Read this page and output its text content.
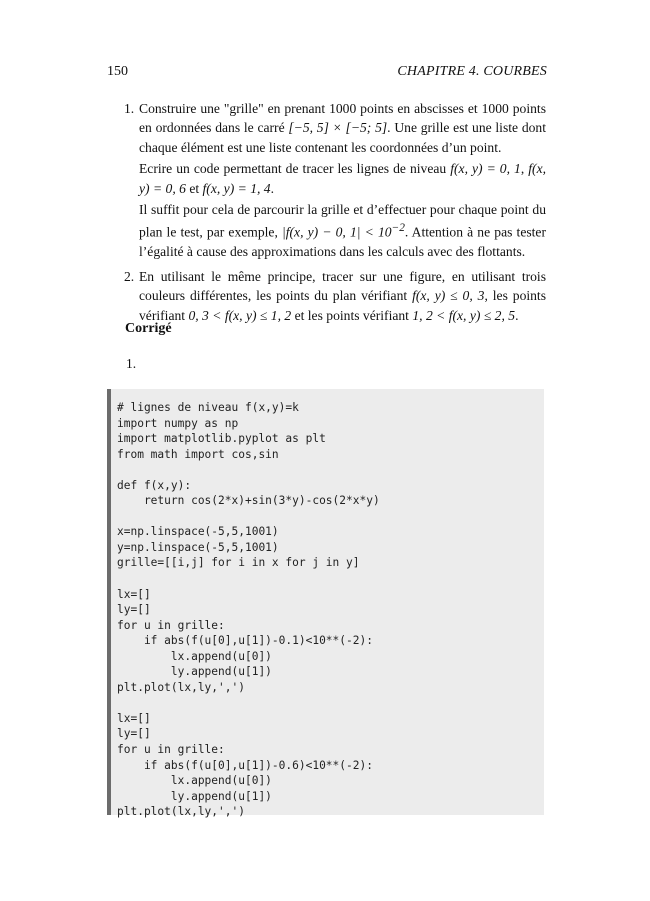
150	CHAPITRE 4. COURBES
1. Construire une "grille" en prenant 1000 points en abscisses et 1000 points en ordonnées dans le carré [−5, 5] × [−5; 5]. Une grille est une liste dont chaque élément est une liste contenant les coordonnées d’un point.

Ecrire un code permettant de tracer les lignes de niveau f(x, y) = 0, 1, f(x, y) = 0, 6 et f(x, y) = 1, 4.

Il suffit pour cela de parcourir la grille et d’effectuer pour chaque point du plan le test, par exemple, |f(x, y) − 0, $1| < 10^{-2}$. Attention à ne pas tester l’égalité à cause des approximations dans les calculs avec des flottants.

2. En utilisant le même principe, tracer sur une figure, en utilisant trois couleurs différentes, les points du plan vérifiant f(x, y) ≤ 0, 3, les points vérifiant 0, 3 < f(x, y) ≤ 1, 2 et les points vérifiant 1, 2 < f(x, y) ≤ 2, 5.

Corrigé
1.
# lignes de niveau f(x,y)=k
import numpy as np
import matplotlib.pyplot as plt
from math import cos,sin

def f(x,y):
return cos(2*x)+sin(3*y)-cos(2*x*y)

x=np.linspace(-5,5,1001)
y=np.linspace(-5,5,1001)
grille=[[i,j] for i in x for j in y]

lx=[]
ly=[]
for u in grille:
if abs(f(u[0],u[1])-0.1)<10**(-2):
lx.append(u[0])
ly.append(u[1])
plt.plot(lx,ly,',')

lx=[]
ly=[]
for u in grille:
if abs(f(u[0],u[1])-0.6)<10**(-2):
lx.append(u[0])
ly.append(u[1])
plt.plot(lx,ly,',')
